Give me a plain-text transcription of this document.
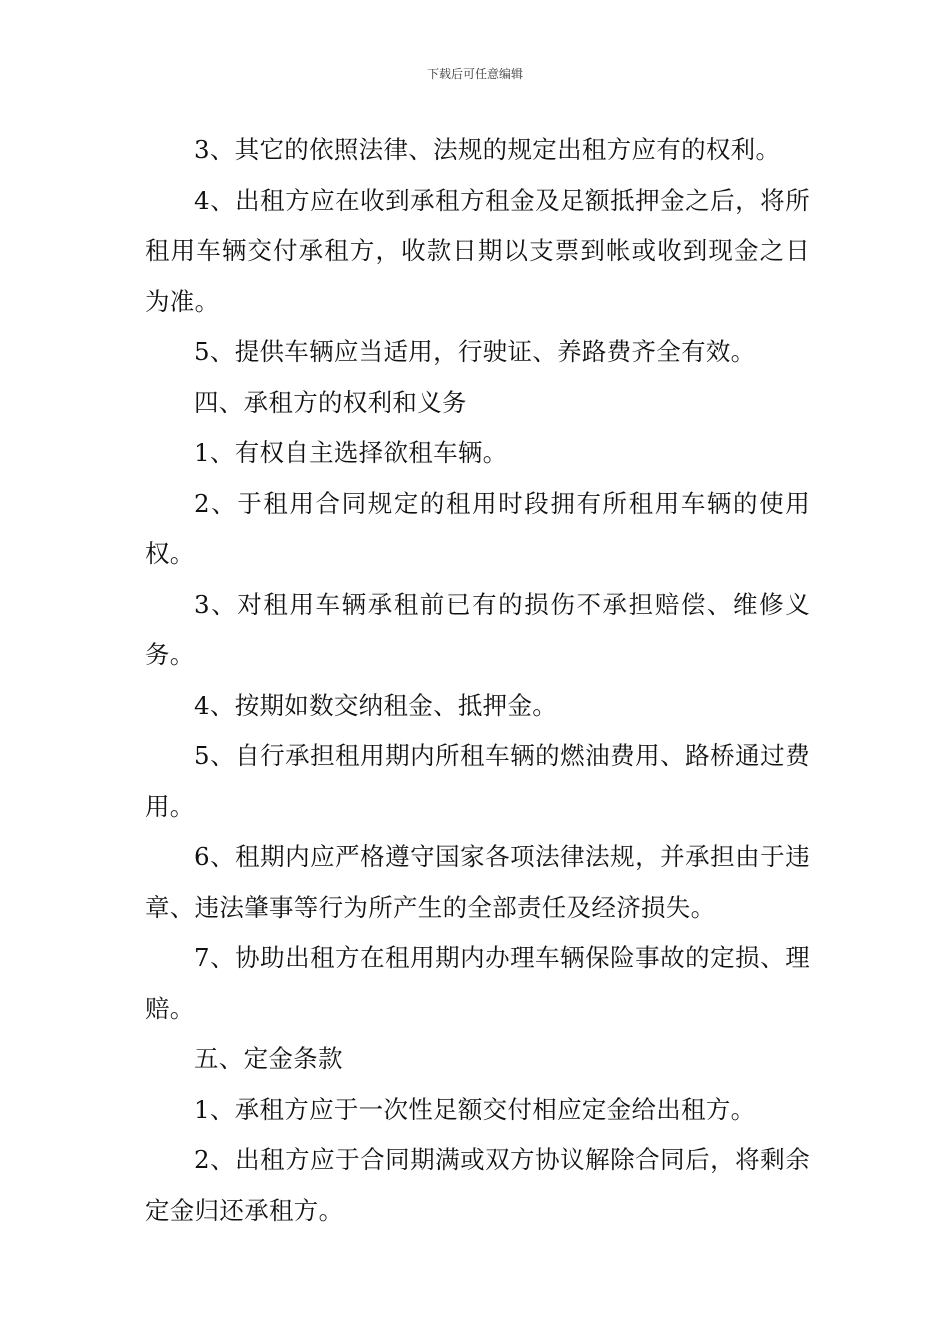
下载后可任意编辑

3、其它的依照法律、法规的规定出租方应有的权利。

4、出租方应在收到承租方租金及足额抵押金之后，将所租用车辆交付承租方，收款日期以支票到帐或收到现金之日为准。

5、提供车辆应当适用，行驶证、养路费齐全有效。

四、承租方的权利和义务

1、有权自主选择欲租车辆。

2、于租用合同规定的租用时段拥有所租用车辆的使用权。

3、对租用车辆承租前已有的损伤不承担赔偿、维修义务。

4、按期如数交纳租金、抵押金。

5、自行承担租用期内所租车辆的燃油费用、路桥通过费用。

6、租期内应严格遵守国家各项法律法规，并承担由于违章、违法肇事等行为所产生的全部责任及经济损失。

7、协助出租方在租用期内办理车辆保险事故的定损、理赔。

五、定金条款

1、承租方应于一次性足额交付相应定金给出租方。

2、出租方应于合同期满或双方协议解除合同后，将剩余定金归还承租方。
